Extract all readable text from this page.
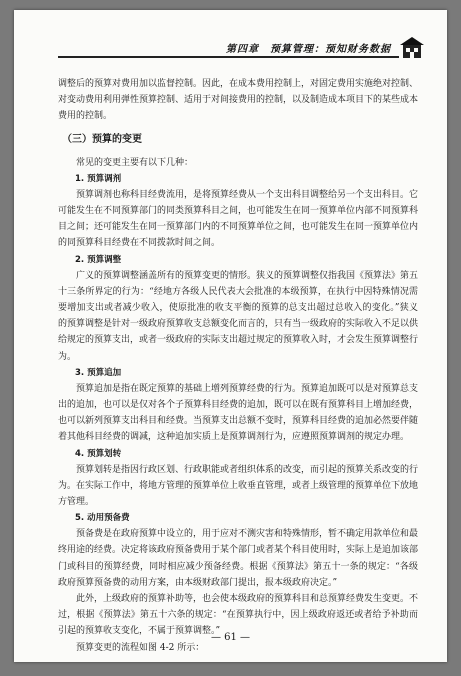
第四章　预算管理：预知财务数据

调整后的预算对费用加以监督控制。因此，在成本费用控制上，对固定费用实施绝对控制、对变动费用利用弹性预算控制、适用于对间接费用的控制，以及制造成本项目下的某些成本费用的控制。

（三）预算的变更

常见的变更主要有以下几种：

1. 预算调剂

预算调剂也称科目经费流用，是将预算经费从一个支出科目调整给另一个支出科目。它可能发生在不同预算部门的同类预算科目之间，也可能发生在同一预算单位内部不同预算科目之间；还可能发生在同一预算部门内的不同预算单位之间，也可能发生在同一预算单位内的同预算科目经费在不同拨款时间之间。

2. 预算调整

广义的预算调整涵盖所有的预算变更的情形。狭义的预算调整仅指我国《预算法》第五十三条所界定的行为：“经地方各级人民代表大会批准的本级预算，在执行中因特殊情况需要增加支出或者减少收入，使原批准的收支平衡的预算的总支出超过总收入的变化。”狭义的预算调整是针对一级政府预算收支总额变化而言的，只有当一级政府的实际收入不足以供给规定的预算支出，或者一级政府的实际支出超过规定的预算收入时，才会发生预算调整行为。

3. 预算追加

预算追加是指在既定预算的基础上增列预算经费的行为。预算追加既可以是对预算总支出的追加，也可以是仅对各个子预算科目经费的追加，既可以在既有预算科目上增加经费，也可以新列预算支出科目和经费。当预算支出总额不变时，预算科目经费的追加必然要伴随着其他科目经费的调减，这种追加实质上是预算调剂行为，应遵照预算调剂的规定办理。

4. 预算划转

预算划转是指因行政区划、行政职能或者组织体系的改变，而引起的预算关系改变的行为。在实际工作中，将地方管理的预算单位上收垂直管理，或者上级管理的预算单位下放地方管理。

5. 动用预备费

预备费是在政府预算中设立的，用于应对不测灾害和特殊情形，暂不确定用款单位和最终用途的经费。决定将该政府预备费用于某个部门或者某个科目使用时，实际上是追加该部门或科目的预算经费，同时相应减少预备经费。根据《预算法》第五十一条的规定：“各级政府预算预备费的动用方案，由本级财政部门提出，报本级政府决定。”

此外，上级政府的预算补助等，也会使本级政府的预算科目和总预算经费发生变更。不过，根据《预算法》第五十六条的规定：“在预算执行中，因上级政府返还或者给予补助而引起的预算收支变化，不属于预算调整。”

预算变更的流程如图 4-2 所示：

— 61 —
